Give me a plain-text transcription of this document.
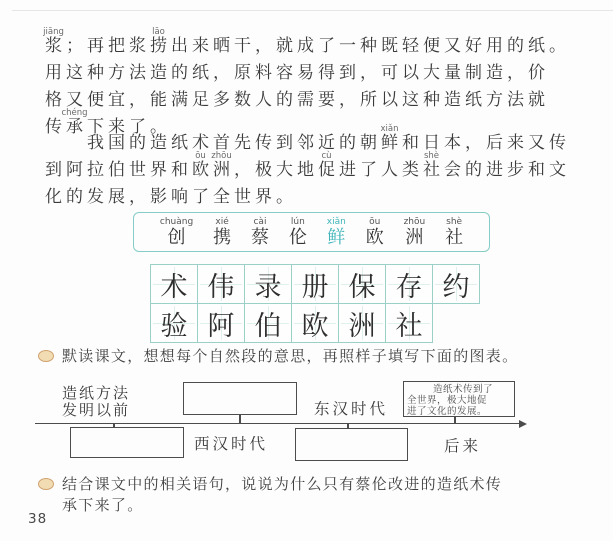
浆
jiāng
；再把浆捞
lāo
出来晒干，就成了一种既轻便又好用的纸。
用这种方法造的纸，原料容易得到，可以大量制造，价
格又便宜，能满足多数人的需要，所以这种造纸方法就
传承
chéng
下来了。
我国的造纸术首先传到邻近的朝鲜
xiǎn
和日本，后来又传
到阿拉伯世界和欧
ōu
洲
zhōu
，极大地促
cù
进了人类社
shè
会的进步和文
化的发展，影响了全世界。
chuàng
创
xié
携
cài
蔡
lún
伦
xiǎn
鲜
ōu
欧
zhōu
洲
shè
社
术 伟 录 册 保 存 约
验 阿 伯 欧 洲 社
默读课文，想想每个自然段的意思，再照样子填写下面的图表。
造纸方法
发明以前	东汉时代
造纸术传到了
全世界，极大地促
进了文化的发展。
西汉时代	后来
结合课文中的相关语句，说说为什么只有蔡伦改进的造纸术传
承下来了。
38
